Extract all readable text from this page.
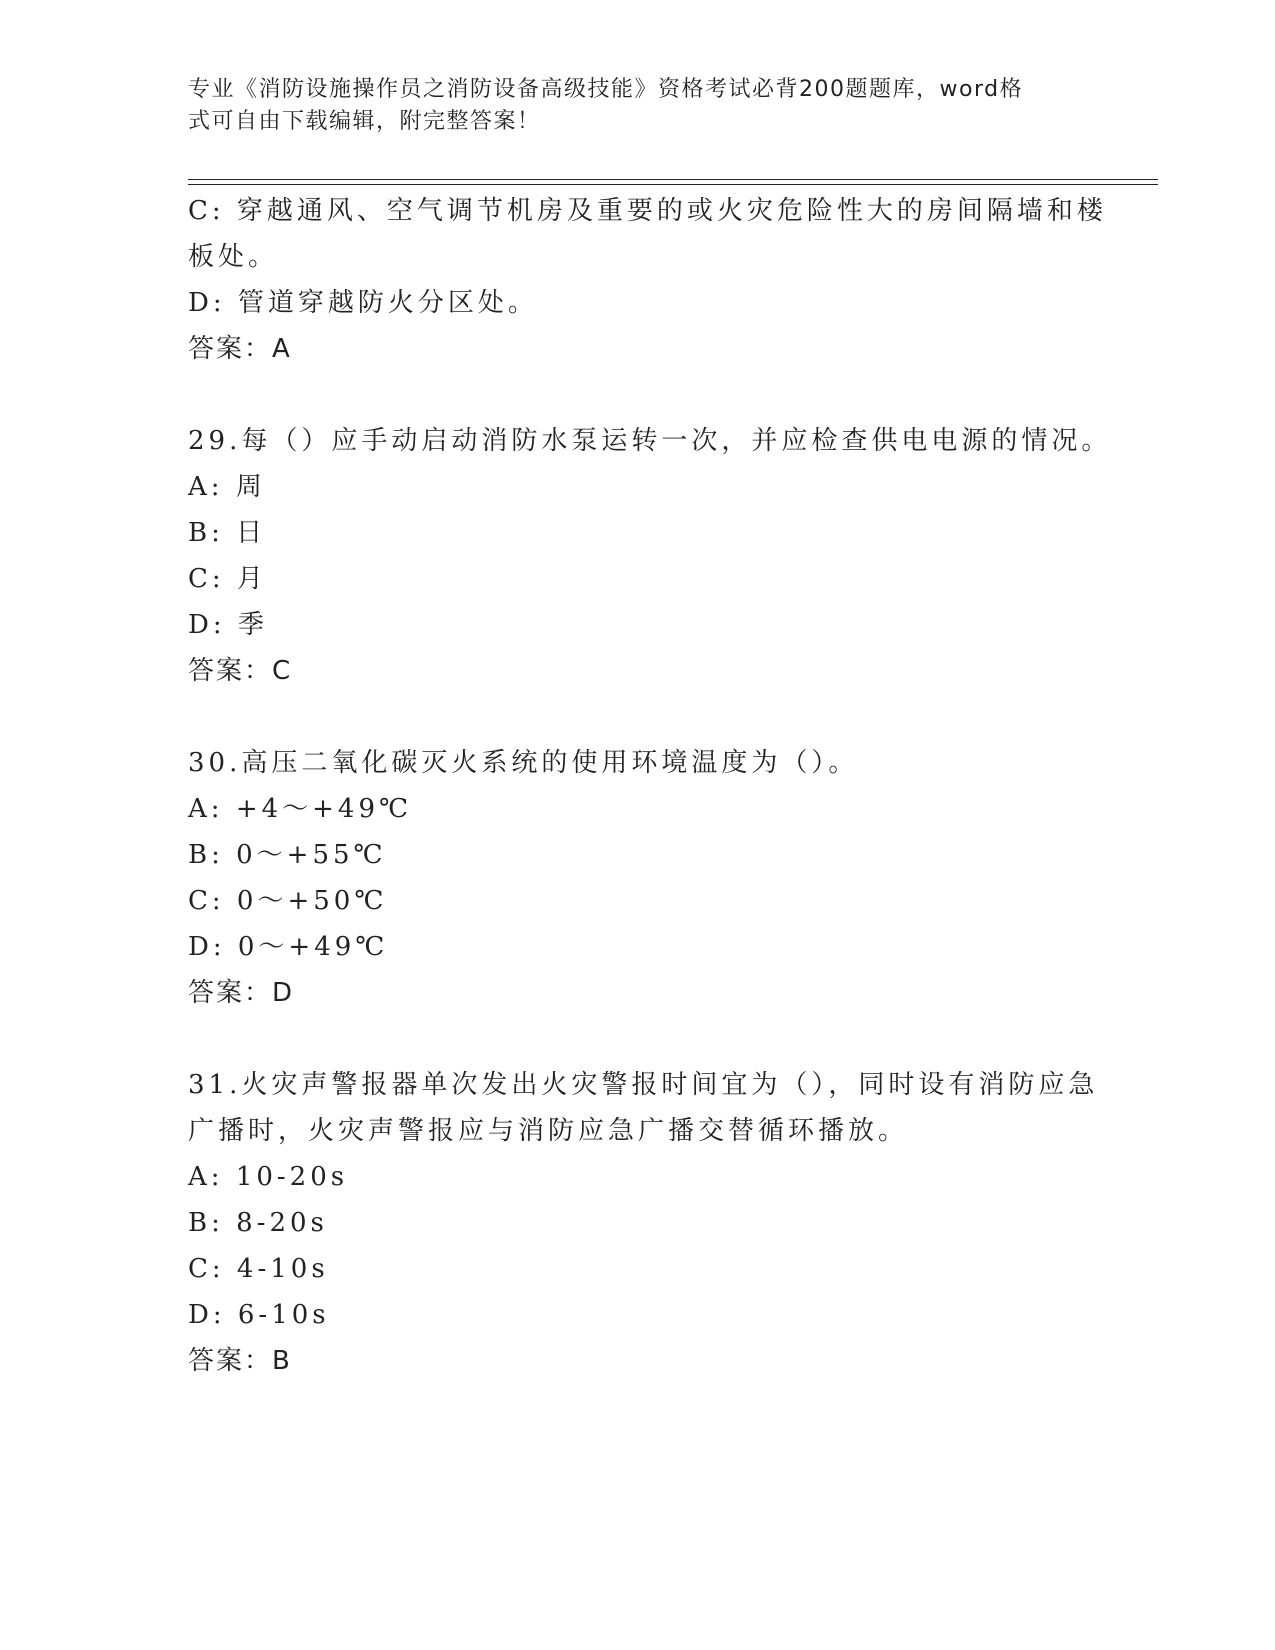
专业《消防设施操作员之消防设备高级技能》资格考试必背200题题库，word格
式可自由下载编辑，附完整答案！
C: 穿越通风、空气调节机房及重要的或火灾危险性大的房间隔墙和楼
板处。
D: 管道穿越防火分区处。
答案：A
29.每（）应手动启动消防水泵运转一次，并应检查供电电源的情况。
A: 周
B: 日
C: 月
D: 季
答案：C
30.高压二氧化碳灭火系统的使用环境温度为（）。
A: +4～+49℃
B: 0～+55℃
C: 0～+50℃
D: 0～+49℃
答案：D
31.火灾声警报器单次发出火灾警报时间宜为（），同时设有消防应急
广播时，火灾声警报应与消防应急广播交替循环播放。
A: 10-20s
B: 8-20s
C: 4-10s
D: 6-10s
答案：B
